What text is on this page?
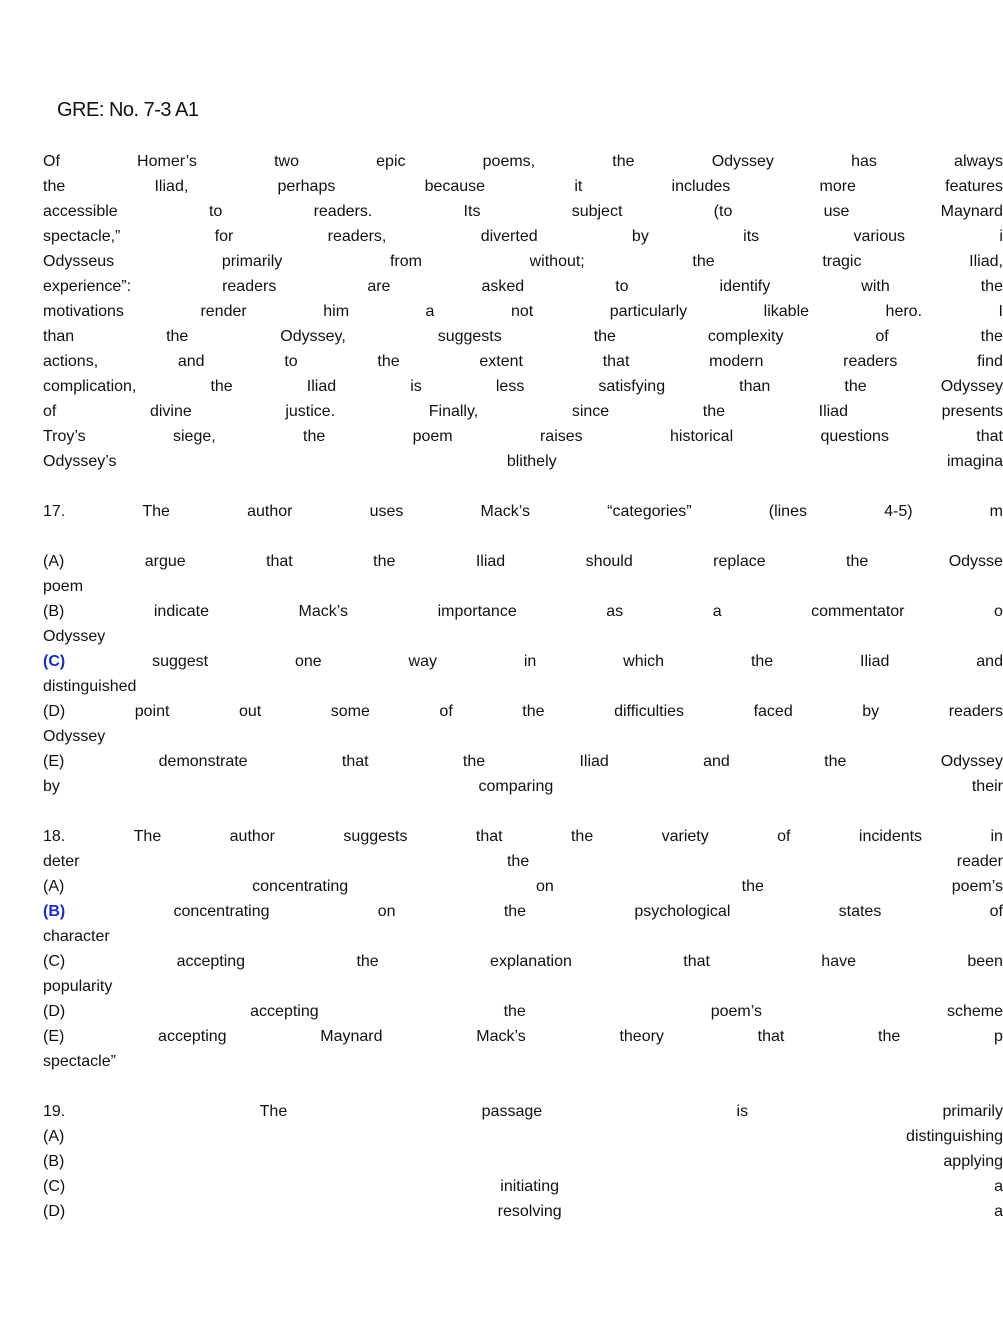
GRE: No. 7-3 A1
Of	Homer’s	two	epic	poems,	the	Odyssey	has	always
the	Iliad,	perhaps	because	it	includes	more	features
accessible	to	readers.	Its	subject	(to	use	Maynard
spectacle,”	for	readers,	diverted	by	its	various	i
Odysseus	primarily	from	without;	the	tragic	Iliad,
experience”:	readers	are	asked	to	identify	with	the
motivations	render	him	a	not	particularly	likable	hero.	I
than	the	Odyssey,	suggests	the	complexity	of	the
actions,	and	to	the	extent	that	modern	readers	find
complication,	the	Iliad	is	less	satisfying	than	the	Odyssey
of	divine	justice.	Finally,	since	the	Iliad	presents
Troy’s	siege,	the	poem	raises	historical	questions	that
Odyssey’s	blithely	imagina
17.	The	author	uses	Mack’s	“categories”	(lines	4-5)	m
(A)	argue	that	the	Iliad	should	replace	the	Odysse
poem
(B)	indicate	Mack’s	importance	as	a	commentator	o
Odyssey
(C)	suggest	one	way	in	which	the	Iliad	and
distinguished
(D)	point	out	some	of	the	difficulties	faced	by	readers
Odyssey
(E)	demonstrate	that	the	Iliad	and	the	Odyssey
by	comparing	their
18.	The	author	suggests	that	the	variety	of	incidents	in
deter	the	reader
(A)	concentrating	on	the	poem’s
(B)	concentrating	on	the	psychological	states	of
character
(C)	accepting	the	explanation	that	have	been
popularity
(D)	accepting	the	poem’s	scheme
(E)	accepting	Maynard	Mack’s	theory	that	the	p
spectacle”
19.	The	passage	is	primarily
(A)	distinguishing
(B)	applying
(C)	initiating	a
(D)	resolving	a
